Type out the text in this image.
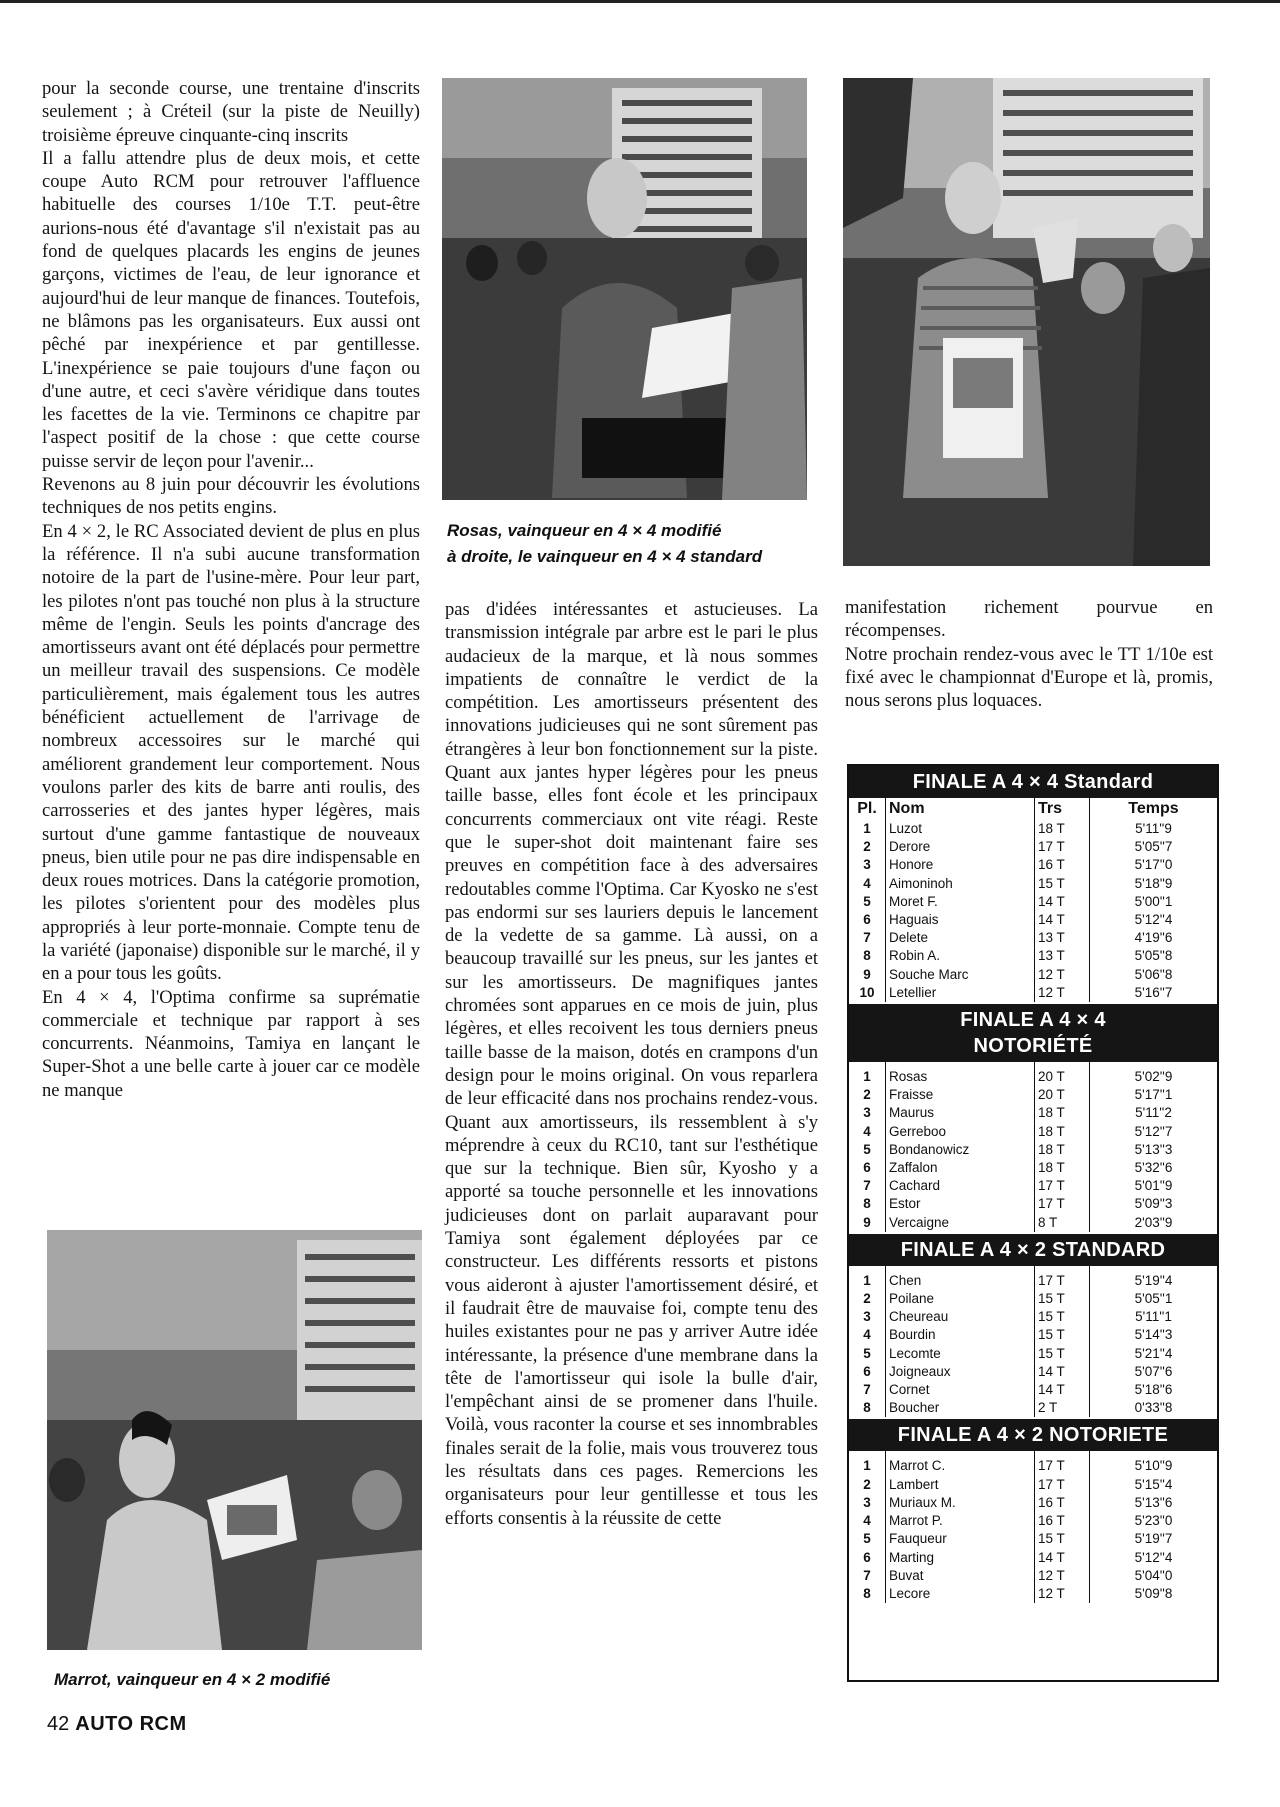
pour la seconde course, une trentaine d'inscrits seulement ; à Créteil (sur la piste de Neuilly) troisième épreuve cinquante-cinq inscrits

Il a fallu attendre plus de deux mois, et cette coupe Auto RCM pour retrouver l'affluence habituelle des courses 1/10e T.T. peut-être aurions-nous été d'avantage s'il n'existait pas au fond de quelques placards les engins de jeunes garçons, victimes de l'eau, de leur ignorance et aujourd'hui de leur manque de finances. Toutefois, ne blâmons pas les organisateurs. Eux aussi ont pêché par inexpérience et par gentillesse. L'inexpérience se paie toujours d'une façon ou d'une autre, et ceci s'avère véridique dans toutes les facettes de la vie. Terminons ce chapitre par l'aspect positif de la chose : que cette course puisse servir de leçon pour l'avenir...

Revenons au 8 juin pour découvrir les évolutions techniques de nos petits engins.

En 4 × 2, le RC Associated devient de plus en plus la référence. Il n'a subi aucune transformation notoire de la part de l'usine-mère. Pour leur part, les pilotes n'ont pas touché non plus à la structure même de l'engin. Seuls les points d'ancrage des amortisseurs avant ont été déplacés pour permettre un meilleur travail des suspensions. Ce modèle particulièrement, mais également tous les autres bénéficient actuellement de l'arrivage de nombreux accessoires sur le marché qui améliorent grandement leur comportement. Nous voulons parler des kits de barre anti roulis, des carrosseries et des jantes hyper légères, mais surtout d'une gamme fantastique de nouveaux pneus, bien utile pour ne pas dire indispensable en deux roues motrices. Dans la catégorie promotion, les pilotes s'orientent pour des modèles plus appropriés à leur porte-monnaie. Compte tenu de la variété (japonaise) disponible sur le marché, il y en a pour tous les goûts.

En 4 × 4, l'Optima confirme sa suprématie commerciale et technique par rapport à ses concurrents. Néanmoins, Tamiya en lançant le Super-Shot a une belle carte à jouer car ce modèle ne manque

Rosas, vainqueur en 4 × 4 modifié
à droite, le vainqueur en 4 × 4 standard

pas d'idées intéressantes et astucieuses. La transmission intégrale par arbre est le pari le plus audacieux de la marque, et là nous sommes impatients de connaître le verdict de la compétition. Les amortisseurs présentent des innovations judicieuses qui ne sont sûrement pas étrangères à leur bon fonctionnement sur la piste. Quant aux jantes hyper légères pour les pneus taille basse, elles font école et les principaux concurrents commerciaux ont vite réagi. Reste que le super-shot doit maintenant faire ses preuves en compétition face à des adversaires redoutables comme l'Optima. Car Kyosko ne s'est pas endormi sur ses lauriers depuis le lancement de la vedette de sa gamme. Là aussi, on a beaucoup travaillé sur les pneus, sur les jantes et sur les amortisseurs. De magnifiques jantes chromées sont apparues en ce mois de juin, plus légères, et elles recoivent les tous derniers pneus taille basse de la maison, dotés en crampons d'un design pour le moins original. On vous reparlera de leur efficacité dans nos prochains rendez-vous. Quant aux amortisseurs, ils ressemblent à s'y méprendre à ceux du RC10, tant sur l'esthétique que sur la technique. Bien sûr, Kyosho y a apporté sa touche personnelle et les innovations judicieuses dont on parlait auparavant pour Tamiya sont également déployées par ce constructeur. Les différents ressorts et pistons vous aideront à ajuster l'amortissement désiré, et il faudrait être de mauvaise foi, compte tenu des huiles existantes pour ne pas y arriver Autre idée intéressante, la présence d'une membrane dans la tête de l'amortisseur qui isole la bulle d'air, l'empêchant ainsi de se promener dans l'huile. Voilà, vous raconter la course et ses innombrables finales serait de la folie, mais vous trouverez tous les résultats dans ces pages. Remercions les organisateurs pour leur gentillesse et tous les efforts consentis à la réussite de cette

manifestation richement pourvue en récompenses.

Notre prochain rendez-vous avec le TT 1/10e est fixé avec le championnat d'Europe et là, promis, nous serons plus loquaces.

Marrot, vainqueur en 4 × 2 modifié
42 AUTO RCM
FINALE A 4 × 4 Standard
Pl.	Nom	Trs	Temps
1	Luzot	18 T	5'11''9
2	Derore	17 T	5'05''7
3	Honore	16 T	5'17''0
4	Aimoninoh	15 T	5'18''9
5	Moret F.	14 T	5'00''1
6	Haguais	14 T	5'12''4
7	Delete	13 T	4'19''6
8	Robin A.	13 T	5'05''8
9	Souche Marc	12 T	5'06''8
10	Letellier	12 T	5'16''7
FINALE A 4 × 4
NOTORIÉTÉ

1	Rosas	20 T	5'02''9
2	Fraisse	20 T	5'17''1
3	Maurus	18 T	5'11''2
4	Gerreboo	18 T	5'12''7
5	Bondanowicz	18 T	5'13''3
6	Zaffalon	18 T	5'32''6
7	Cachard	17 T	5'01''9
8	Estor	17 T	5'09''3
9	Vercaigne	8 T	2'03''9
FINALE A 4 × 2 STANDARD

1	Chen	17 T	5'19''4
2	Poilane	15 T	5'05''1
3	Cheureau	15 T	5'11''1
4	Bourdin	15 T	5'14''3
5	Lecomte	15 T	5'21''4
6	Joigneaux	14 T	5'07''6
7	Cornet	14 T	5'18''6
8	Boucher	2 T	0'33''8
FINALE A 4 × 2 NOTORIETE

1	Marrot C.	17 T	5'10''9
2	Lambert	17 T	5'15''4
3	Muriaux M.	16 T	5'13''6
4	Marrot P.	16 T	5'23''0
5	Fauqueur	15 T	5'19''7
6	Marting	14 T	5'12''4
7	Buvat	12 T	5'04''0
8	Lecore	12 T	5'09''8
